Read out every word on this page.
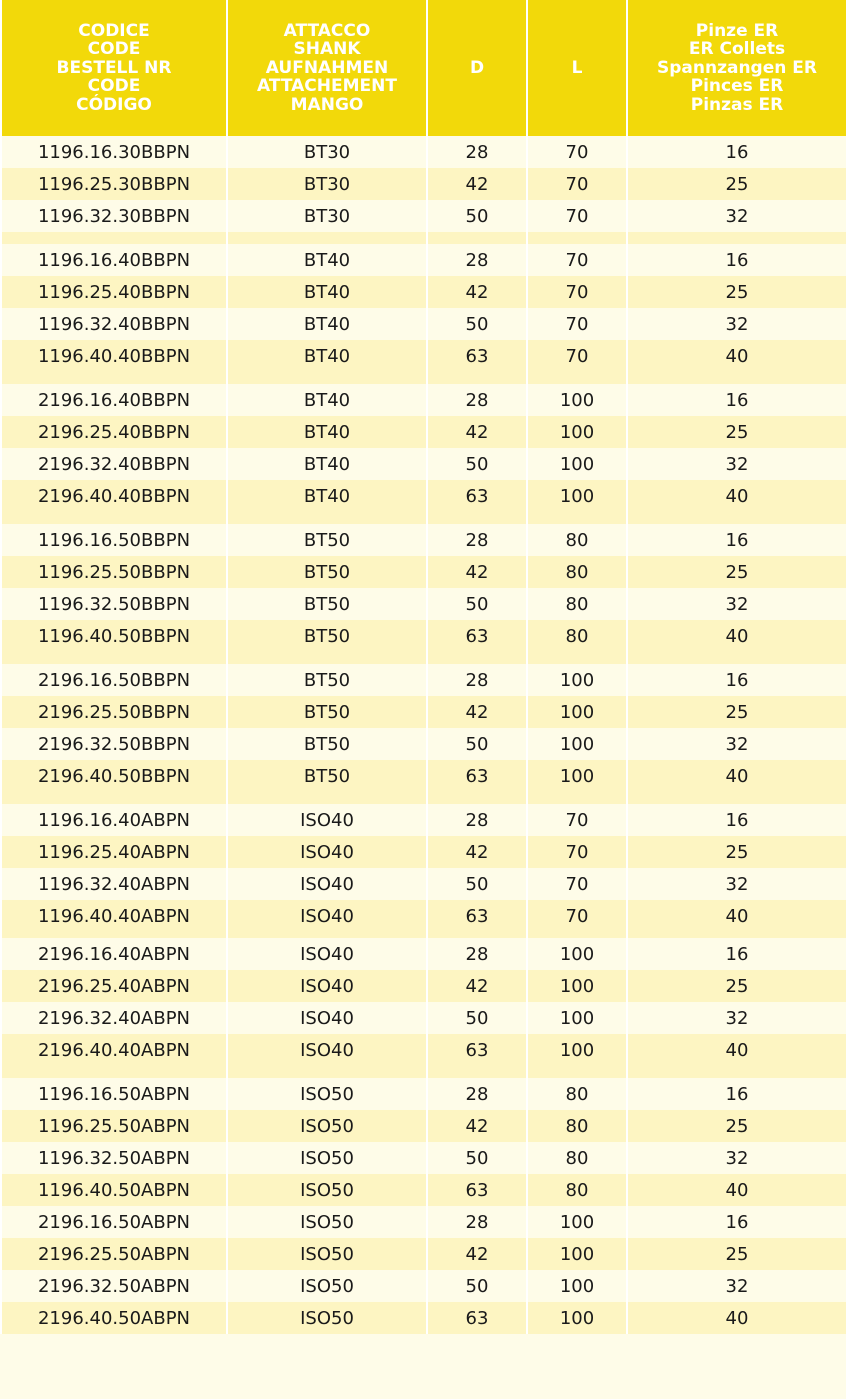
CODICE
CODE
BESTELL NR
CODE
CÓDIGO	ATTACCO
SHANK
AUFNAHMEN
ATTACHEMENT
MANGO	D	L	Pinze ER
ER Collets
Spannzangen ER
Pinces ER
Pinzas ER

1196.16.30BBPN	BT30	28	70	16
1196.25.30BBPN	BT30	42	70	25
1196.32.30BBPN	BT30	50	70	32

1196.16.40BBPN	BT40	28	70	16
1196.25.40BBPN	BT40	42	70	25
1196.32.40BBPN	BT40	50	70	32
1196.40.40BBPN	BT40	63	70	40

2196.16.40BBPN	BT40	28	100	16
2196.25.40BBPN	BT40	42	100	25
2196.32.40BBPN	BT40	50	100	32
2196.40.40BBPN	BT40	63	100	40

1196.16.50BBPN	BT50	28	80	16
1196.25.50BBPN	BT50	42	80	25
1196.32.50BBPN	BT50	50	80	32
1196.40.50BBPN	BT50	63	80	40

2196.16.50BBPN	BT50	28	100	16
2196.25.50BBPN	BT50	42	100	25
2196.32.50BBPN	BT50	50	100	32
2196.40.50BBPN	BT50	63	100	40

1196.16.40ABPN	ISO40	28	70	16
1196.25.40ABPN	ISO40	42	70	25
1196.32.40ABPN	ISO40	50	70	32
1196.40.40ABPN	ISO40	63	70	40

2196.16.40ABPN	ISO40	28	100	16
2196.25.40ABPN	ISO40	42	100	25
2196.32.40ABPN	ISO40	50	100	32
2196.40.40ABPN	ISO40	63	100	40

1196.16.50ABPN	ISO50	28	80	16
1196.25.50ABPN	ISO50	42	80	25
1196.32.50ABPN	ISO50	50	80	32
1196.40.50ABPN	ISO50	63	80	40
2196.16.50ABPN	ISO50	28	100	16
2196.25.50ABPN	ISO50	42	100	25
2196.32.50ABPN	ISO50	50	100	32
2196.40.50ABPN	ISO50	63	100	40
